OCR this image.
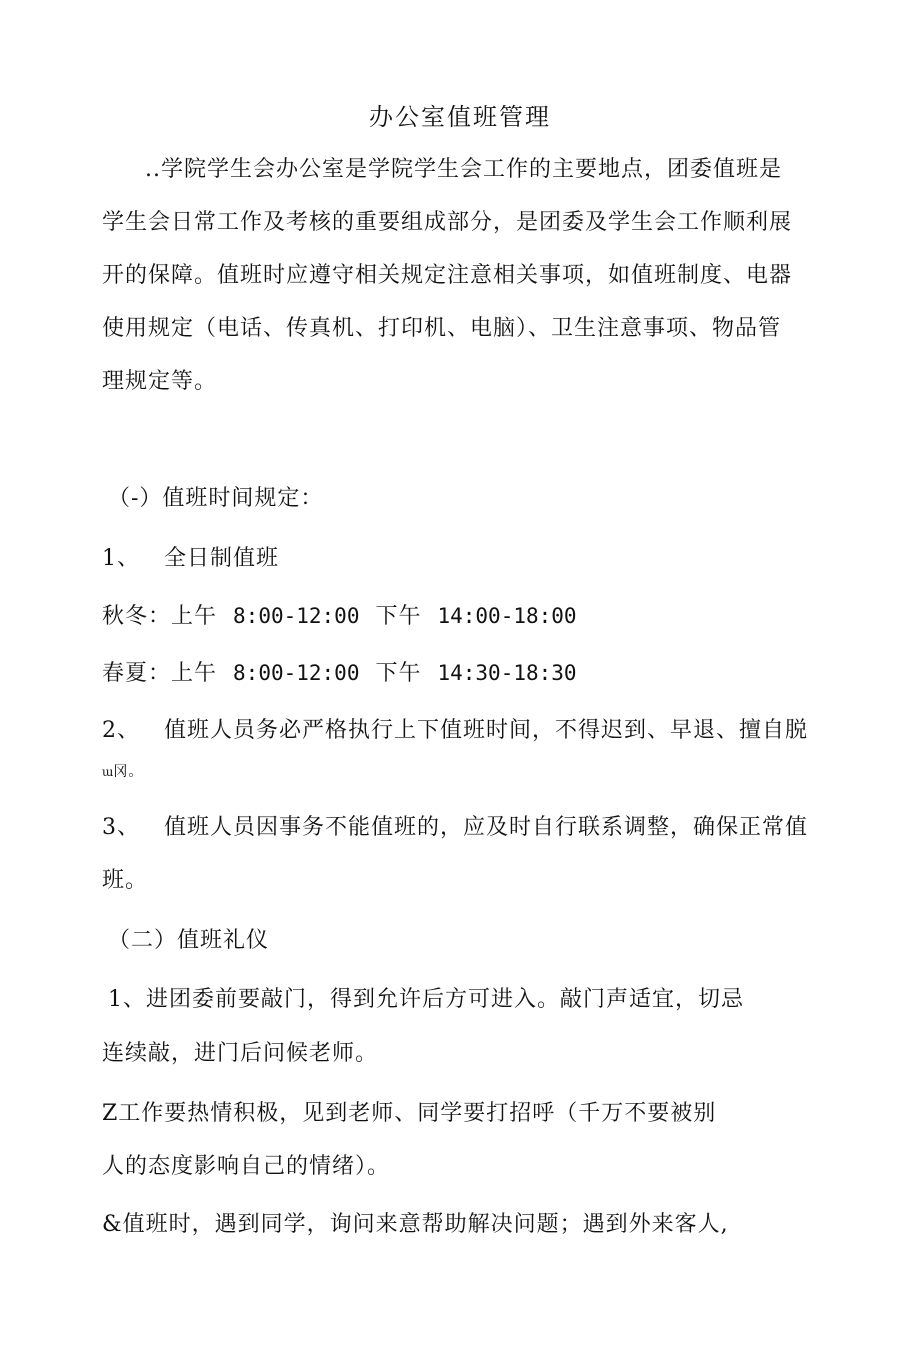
办公室值班管理
..学院学生会办公室是学院学生会工作的主要地点，团委值班是
学生会日常工作及考核的重要组成部分，是团委及学生会工作顺利展
开的保障。值班时应遵守相关规定注意相关事项，如值班制度、电器
使用规定（电话、传真机、打印机、电脑）、卫生注意事项、物品管
理规定等。
（-）值班时间规定：
1、 全日制值班
秋冬：上午 8:00-12:00 下午 14:00-18:00
春夏：上午 8:00-12:00 下午 14:30-18:30
2、 值班人员务必严格执行上下值班时间，不得迟到、早退、擅自脱
ɯ冈。
3、 值班人员因事务不能值班的，应及时自行联系调整，确保正常值
班。
（二）值班礼仪
1、进团委前要敲门，得到允许后方可进入。敲门声适宜，切忌
连续敲，进门后问候老师。
Z工作要热情积极，见到老师、同学要打招呼（千万不要被别
人的态度影响自己的情绪）。
&值班时，遇到同学，询问来意帮助解决问题；遇到外来客人,
